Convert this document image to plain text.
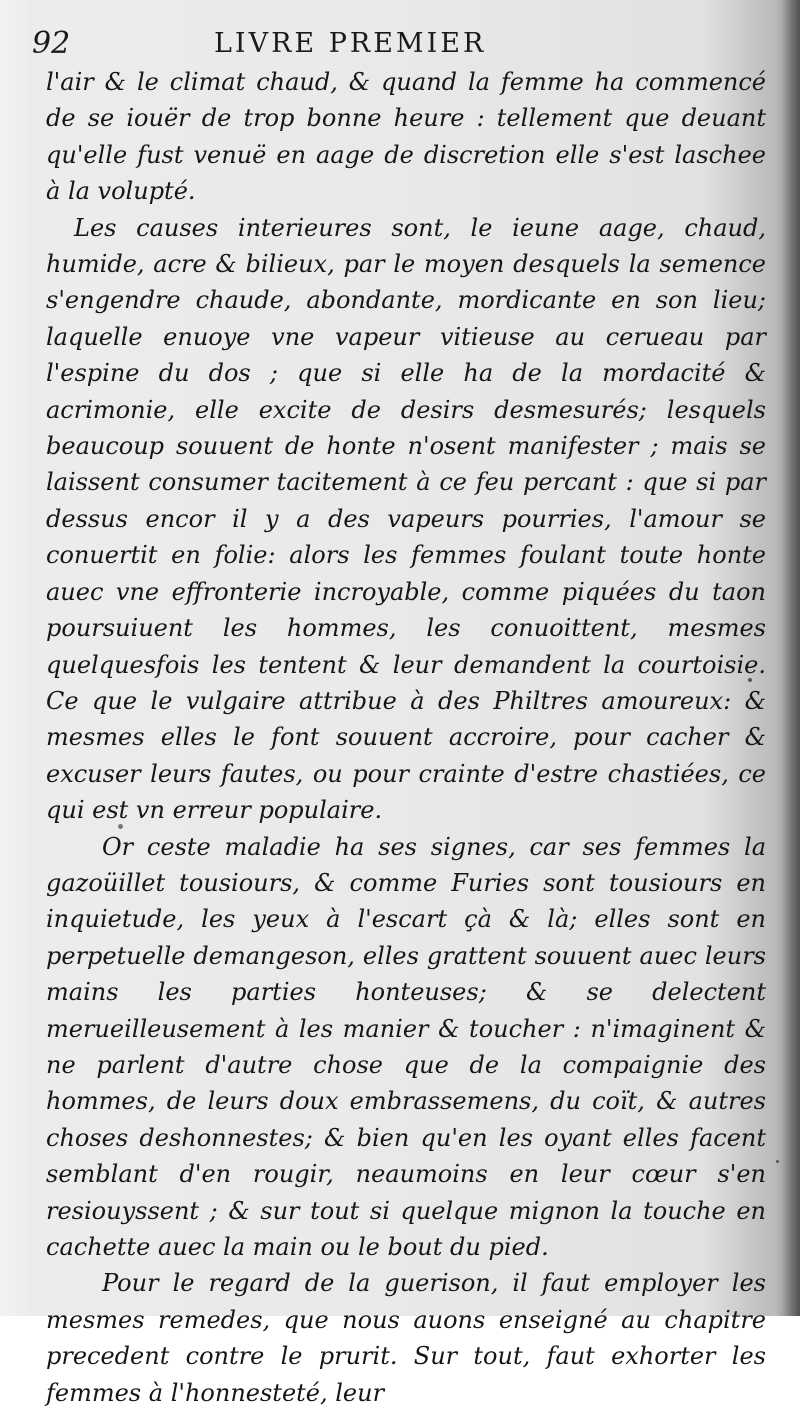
92	LIVRE PREMIER

l'air & le climat chaud, & quand la femme ha commencé de se iouër de trop bonne heure : tellement que deuant qu'elle fust venuë en aage de discretion elle s'est laschee à la volupté.

Les causes interieures sont, le ieune aage, chaud, humide, acre & bilieux, par le moyen desquels la semence s'engendre chaude, abondante, mordicante en son lieu; laquelle enuoye vne vapeur vitieuse au cerueau par l'espine du dos ; que si elle ha de la mordacité & acrimonie, elle excite de desirs desmesurés; lesquels beaucoup souuent de honte n'osent manifester ; mais se laissent consumer tacitement à ce feu percant : que si par dessus encor il y a des vapeurs pourries, l'amour se conuertit en folie: alors les femmes foulant toute honte auec vne effronterie incroyable, comme piquées du taon poursuiuent les hommes, les conuoittent, mesmes quelquesfois les tentent & leur demandent la courtoisie. Ce que le vulgaire attribue à des Philtres amoureux: & mesmes elles le font souuent accroire, pour cacher & excuser leurs fautes, ou pour crainte d'estre chastiées, ce qui est vn erreur populaire.

Or ceste maladie ha ses signes, car ses femmes la gazoüillet tousiours, & comme Furies sont tousiours en inquietude, les yeux à l'escart çà & là; elles sont en perpetuelle demangeson, elles grattent souuent auec leurs mains les parties honteuses; & se delectent merueilleusement à les manier & toucher : n'imaginent & ne parlent d'autre chose que de la compaignie des hommes, de leurs doux embrassemens, du coït, & autres choses deshonnestes; & bien qu'en les oyant elles facent semblant d'en rougir, neaumoins en leur cœur s'en resiouyssent ; & sur tout si quelque mignon la touche en cachette auec la main ou le bout du pied.

Pour le regard de la guerison, il faut employer les mesmes remedes, que nous auons enseigné au chapitre precedent contre le prurit. Sur tout, faut exhorter les femmes à l'honnesteté, leur
